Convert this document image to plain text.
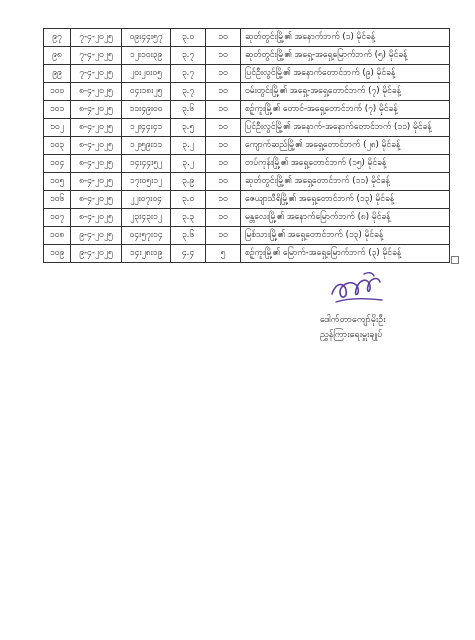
၉၇	၇-၄-၂၀၂၅	၀၉း၄၄း၅၇	၃.၀	၁၀	ဆုတ်တွင်းမြို့၏ အနောက်ဘက် (၁) မိုင်ခန့်
၉၈	၇-၄-၂၀၂၅	၁၂း၁၀း၃၉	၃.၇	၁၀	ဆုတ်တွင်းမြို့၏ အရှေ့-အရှေ့မြောက်ဘက် (၅) မိုင်ခန့်
၉၉	၇-၄-၂၀၂၅	၂၀း၂၀း၀၅	၃.၇	၁၀	ပြင်ဦးလွင်မြို့၏ အနောက်တောင်ဘက် (၉) မိုင်ခန့်
၁၀၀	၈-၄-၂၀၂၅	၀၄း၁၈း၂၅	၃.၇	၁၀	ဝမ်းတွင်းမြို့၏ အရှေ့-အရှေ့တောင်ဘက် (၇) မိုင်ခန့်
၁၀၁	၈-၄-၂၀၂၅	၁၁း၄၉း၀၀	၃.၆	၁၀	စဉ့်ကူးမြို့၏ တောင်-အရှေ့တောင်ဘက် (၇) မိုင်ခန့်
၁၀၂	၈-၄-၂၀၂၅	၁၂း၄၄း၄၁	၃.၅	၁၀	ပြင်ဦးလွင်မြို့၏ အနောက်-အနောက်တောင်ဘက် (၁၁) မိုင်ခန့်
၁၀၃	၈-၄-၂၀၂၅	၁၂း၅၉း၁၁	၃.၂	၁၀	ကျောက်ဆည်မြို့၏ အရှေ့တောင်ဘက် (၂၈) မိုင်ခန့်
၁၀၄	၈-၄-၂၀၂၅	၁၄း၄၄း၅၂	၃.၂	၁၀	တပ်ကုန်းမြို့၏ အရှေ့တောင်ဘက် (၁၅) မိုင်ခန့်
၁၀၅	၈-၄-၂၀၂၅	၁၇း၀၅း၁၂	၃.၉	၁၀	ဆုတ်တွင်းမြို့၏ အရှေ့တောင်ဘက် (၁၁) မိုင်ခန့်
၁၀၆	၈-၄-၂၀၂၅	၂၂း၀၇း၀၄	၃.၀	၁၀	ဇေယျာသီရိမြို့၏ အရှေ့တောင်ဘက် (၁၃) မိုင်ခန့်
၁၀၇	၈-၄-၂၀၂၅	၂၃း၄၃း၁၂	၃.၃	၁၀	မန္တလေးမြို့၏ အနောက်မြောက်ဘက် (၈) မိုင်ခန့်
၁၀၈	၉-၄-၂၀၂၅	၀၄း၅၇း၁၄	၃.၆	၁၀	မြစ်သားမြို့၏ အရှေ့တောင်ဘက် (၁၃) မိုင်ခန့်
၁၀၉	၉-၄-၂၀၂၅	၁၄း၂၈း၁၉	၄.၄	၅	စဉ့်ကူးမြို့၏ မြောက်-အရှေ့မြောက်ဘက် (၃) မိုင်ခန့်
ဒေါက်တာကျော်မိုးဦး
ညွှန်ကြားရေးမှူးချုပ်
